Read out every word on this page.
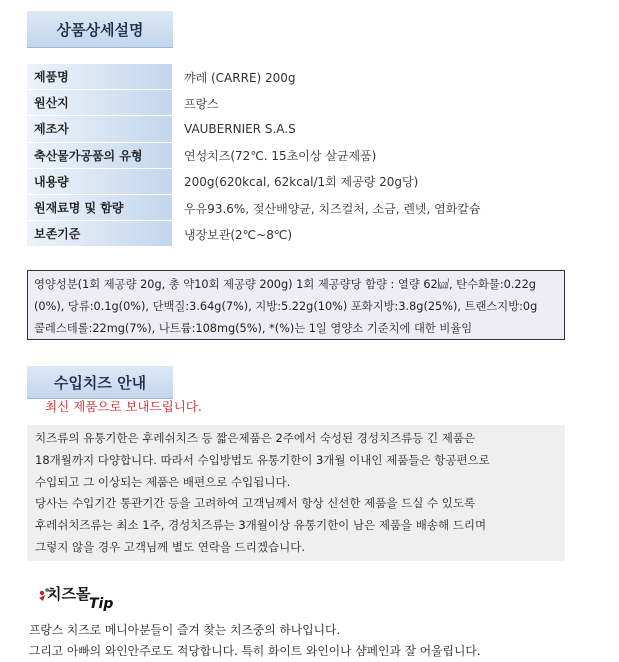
상품상세설명
제품명	꺄레 (CARRE) 200g
원산지	프랑스
제조자	VAUBERNIER S.A.S
축산물가공품의 유형	연성치즈(72℃. 15초이상 살균제품)
내용량	200g(620kcal, 62kcal/1회 제공량 20g당)
원재료명 및 함량	우유93.6%, 젖산배양균, 치즈컬처, 소금, 렌넷, 염화칼슘
보존기준	냉장보관(2℃~8℃)
영양성분(1회 제공량 20g, 총 약10회 제공량 200g) 1회 제공량당 함량 : 열량 62㎉, 탄수화물:0.22g
(0%), 당류:0.1g(0%), 단백질:3.64g(7%), 지방:5.22g(10%) 포화지방:3.8g(25%), 트랜스지방:0g
콜레스테롤:22mg(7%), 나트륨:108mg(5%), *(%)는 1일 영양소 기준치에 대한 비율임
수입치즈 안내
최신 제품으로 보내드립니다.
치즈류의 유통기한은 후레쉬치즈 등 짧은제품은 2주에서 숙성된 경성치즈류등 긴 제품은
18개월까지 다양합니다. 따라서 수입방법도 유통기한이 3개월 이내인 제품들은 항공편으로
수입되고 그 이상되는 제품은 배편으로 수입됩니다.
당사는 수입기간 통관기간 등을 고려하여 고객님께서 항상 신선한 제품을 드실 수 있도록
후레쉬치즈류는 최소 1주, 경성치즈류는 3개월이상 유통기한이 남은 제품을 배송해 드리며
그렇지 않을 경우 고객님께 별도 연락을 드리겠습니다.
치즈몰
Tip
프랑스 치즈로 메니아분들이 즐겨 찾는 치즈중의 하나입니다.
그리고 아빠의 와인안주로도 적당합니다. 특히 화이트 와인이나 샴페인과 잘 어울립니다.
